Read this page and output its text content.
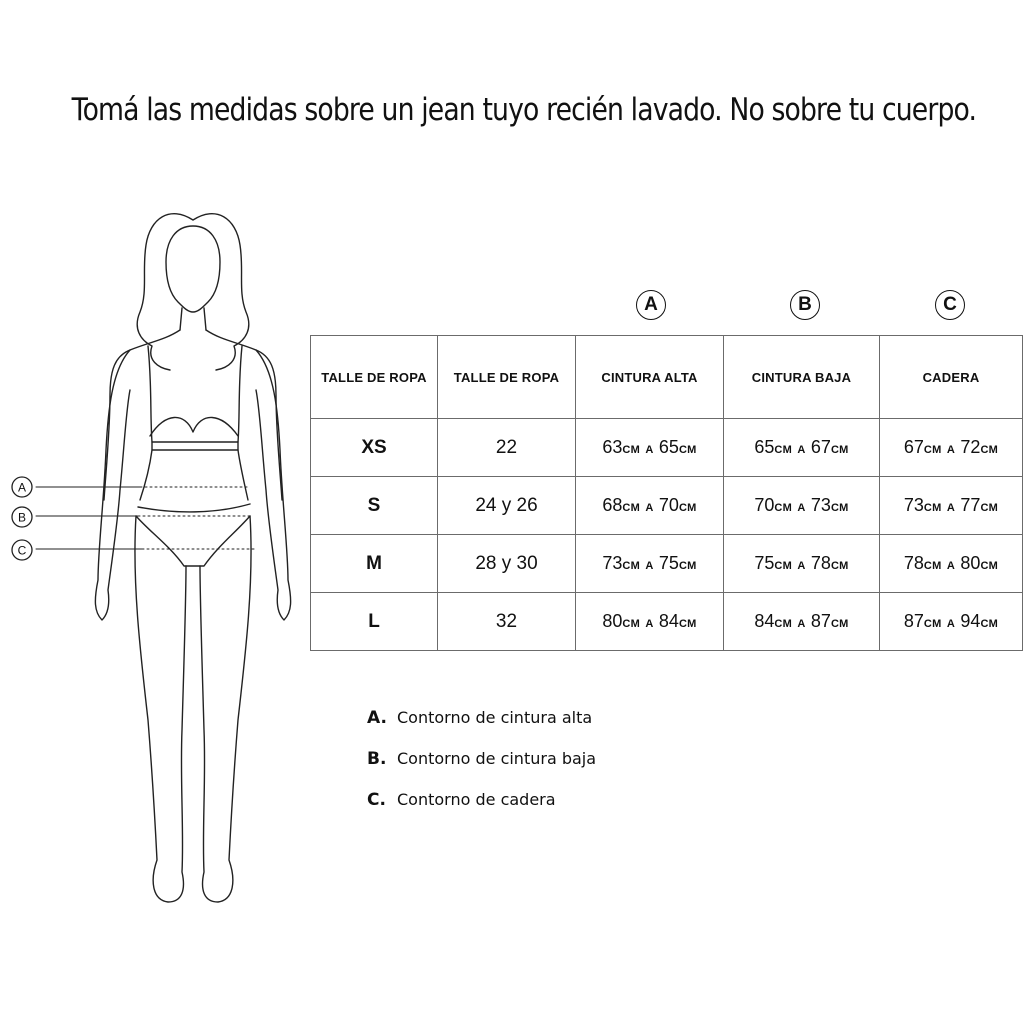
Tomá las medidas sobre un jean tuyo recién lavado. No sobre tu cuerpo.
A
B
C
A	B	C
TALLE DE ROPA	TALLE DE ROPA	CINTURA ALTA	CINTURA BAJA	CADERA
XS	22	63CM A 65CM	65CM A 67CM	67CM A 72CM
S	24 y 26	68CM A 70CM	70CM A 73CM	73CM A 77CM
M	28 y 30	73CM A 75CM	75CM A 78CM	78CM A 80CM
L	32	80CM A 84CM	84CM A 87CM	87CM A 94CM
A. Contorno de cintura alta
B. Contorno de cintura baja
C. Contorno de cadera
